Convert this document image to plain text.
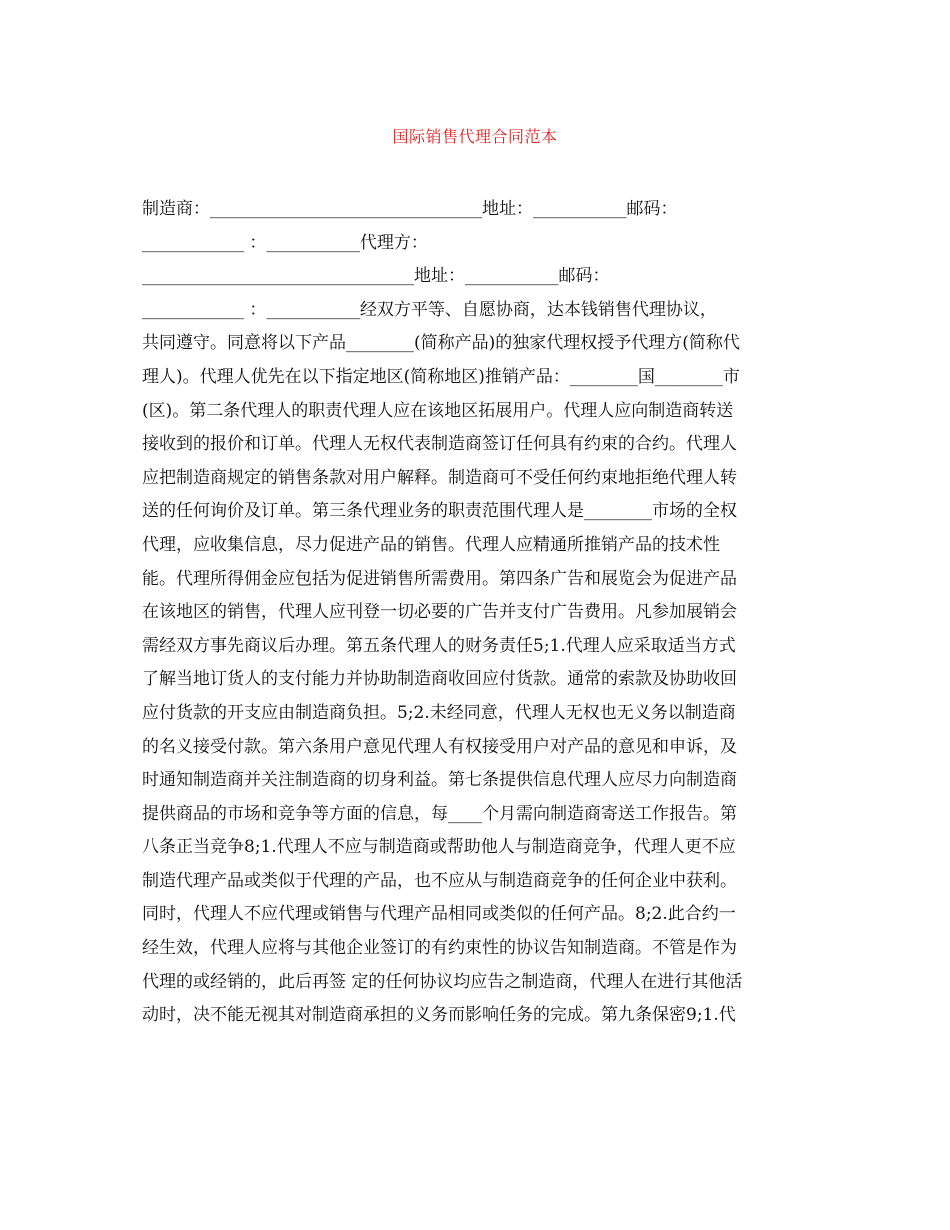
国际销售代理合同范本
制造商：________________________________地址：___________邮码：
____________ ：___________代理方：
________________________________地址：___________邮码：
____________ ：___________经双方平等、自愿协商，达本钱销售代理协议，
共同遵守。同意将以下产品________(简称产品)的独家代理权授予代理方(简称代
理人)。代理人优先在以下指定地区(简称地区)推销产品：________国________市
(区)。第二条代理人的职责代理人应在该地区拓展用户。代理人应向制造商转送
接收到的报价和订单。代理人无权代表制造商签订任何具有约束的合约。代理人
应把制造商规定的销售条款对用户解释。制造商可不受任何约束地拒绝代理人转
送的任何询价及订单。第三条代理业务的职责范围代理人是________市场的全权
代理，应收集信息，尽力促进产品的销售。代理人应精通所推销产品的技术性
能。代理所得佣金应包括为促进销售所需费用。第四条广告和展览会为促进产品
在该地区的销售，代理人应刊登一切必要的广告并支付广告费用。凡参加展销会
需经双方事先商议后办理。第五条代理人的财务责任5;1.代理人应采取适当方式
了解当地订货人的支付能力并协助制造商收回应付货款。通常的索款及协助收回
应付货款的开支应由制造商负担。5;2.未经同意，代理人无权也无义务以制造商
的名义接受付款。第六条用户意见代理人有权接受用户对产品的意见和申诉，及
时通知制造商并关注制造商的切身利益。第七条提供信息代理人应尽力向制造商
提供商品的市场和竞争等方面的信息，每____个月需向制造商寄送工作报告。第
八条正当竞争8;1.代理人不应与制造商或帮助他人与制造商竞争，代理人更不应
制造代理产品或类似于代理的产品，也不应从与制造商竞争的任何企业中获利。
同时，代理人不应代理或销售与代理产品相同或类似的任何产品。8;2.此合约一
经生效，代理人应将与其他企业签订的有约束性的协议告知制造商。不管是作为
代理的或经销的，此后再签 定的任何协议均应告之制造商，代理人在进行其他活
动时，决不能无视其对制造商承担的义务而影响任务的完成。第九条保密9;1.代
